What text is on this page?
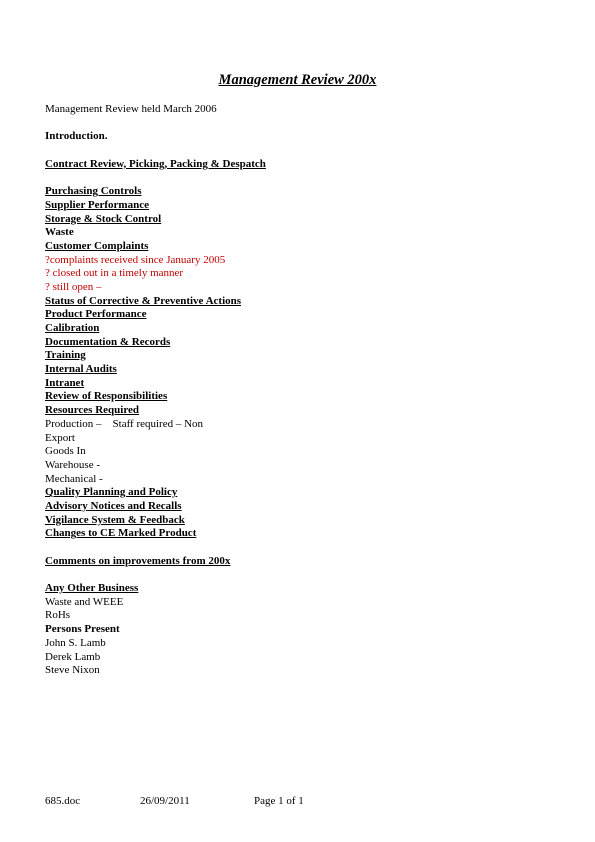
Management Review 200x
Management Review held March 2006
Introduction.
Contract Review, Picking, Packing & Despatch
Purchasing Controls
Supplier Performance
Storage & Stock Control
Waste
Customer Complaints
?complaints received since January 2005
? closed out in a timely manner
? still open –
Status of Corrective & Preventive Actions
Product Performance
Calibration
Documentation & Records
Training
Internal Audits
Intranet
Review of Responsibilities
Resources Required
Production –    Staff required – Non
Export
Goods In
Warehouse -
Mechanical -
Quality Planning and Policy
Advisory Notices and Recalls
Vigilance System & Feedback
Changes to CE Marked Product
Comments on improvements from 200x
Any Other Business
Waste and WEEE
RoHs
Persons Present
John S. Lamb
Derek Lamb
Steve Nixon
685.doc	26/09/2011	Page 1 of 1
